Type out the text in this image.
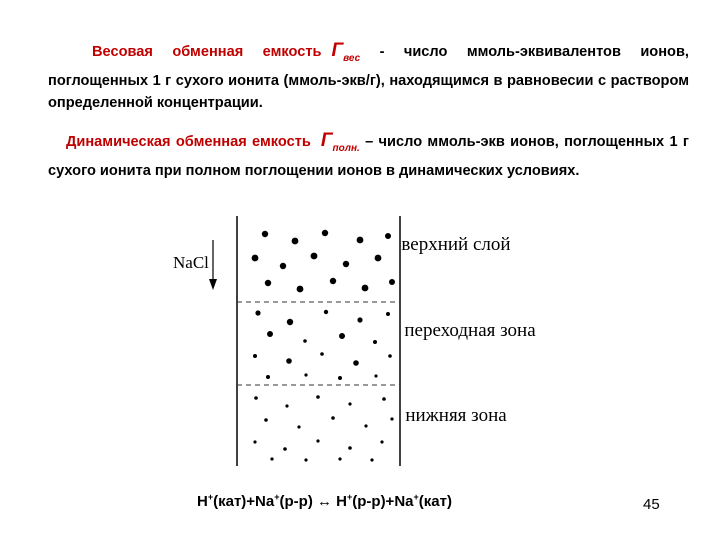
Весовая обменная емкость $Г_{вес}$ - число ммоль-эквивалентов ионов, поглощенных 1 г сухого ионита (ммоль-экв/г), находящимся в равновесии с раствором определенной концентрации.
Динамическая обменная емкость $Г_{полн.}$ – число ммоль-экв ионов, поглощенных 1 г сухого ионита при полном поглощении ионов в динамических условиях.
NaCl
верхний слой
переходная зона
нижняя зона
H+(кат)+Na+(р-р) ↔ H+(р-р)+Na+(кат)	45
